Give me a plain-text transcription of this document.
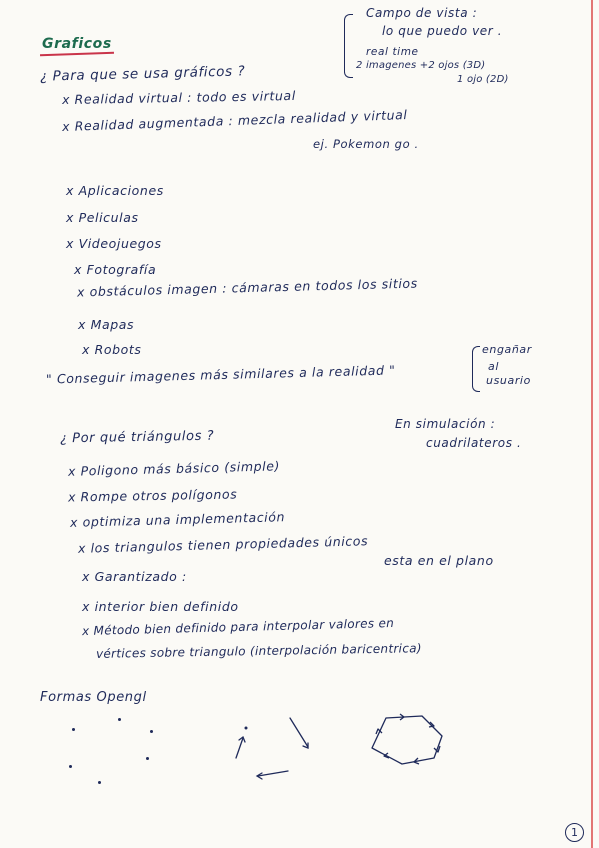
Graficos
¿ Para que se usa gráficos ?
Campo de vista :
lo que puedo ver .
real time
2 imagenes +2 ojos (3D)
1 ojo (2D)
x Realidad virtual : todo es virtual
x Realidad augmentada : mezcla realidad y virtual
ej. Pokemon go .
x Aplicaciones
x Peliculas
x Videojuegos
x Fotografía
x obstáculos imagen : cámaras en todos los sitios
x Mapas
x Robots
" Conseguir imagenes más similares a la realidad "
engañar
al
usuario
¿ Por qué triángulos ?
En simulación :
cuadrilateros .
x Poligono más básico (simple)
x Rompe otros polígonos
x optimiza una implementación
x los triangulos tienen propiedades únicos
x Garantizado :
esta en el plano
x interior bien definido
x Método bien definido para interpolar valores en
vértices sobre triangulo (interpolación baricentrica)
Formas Opengl
1
